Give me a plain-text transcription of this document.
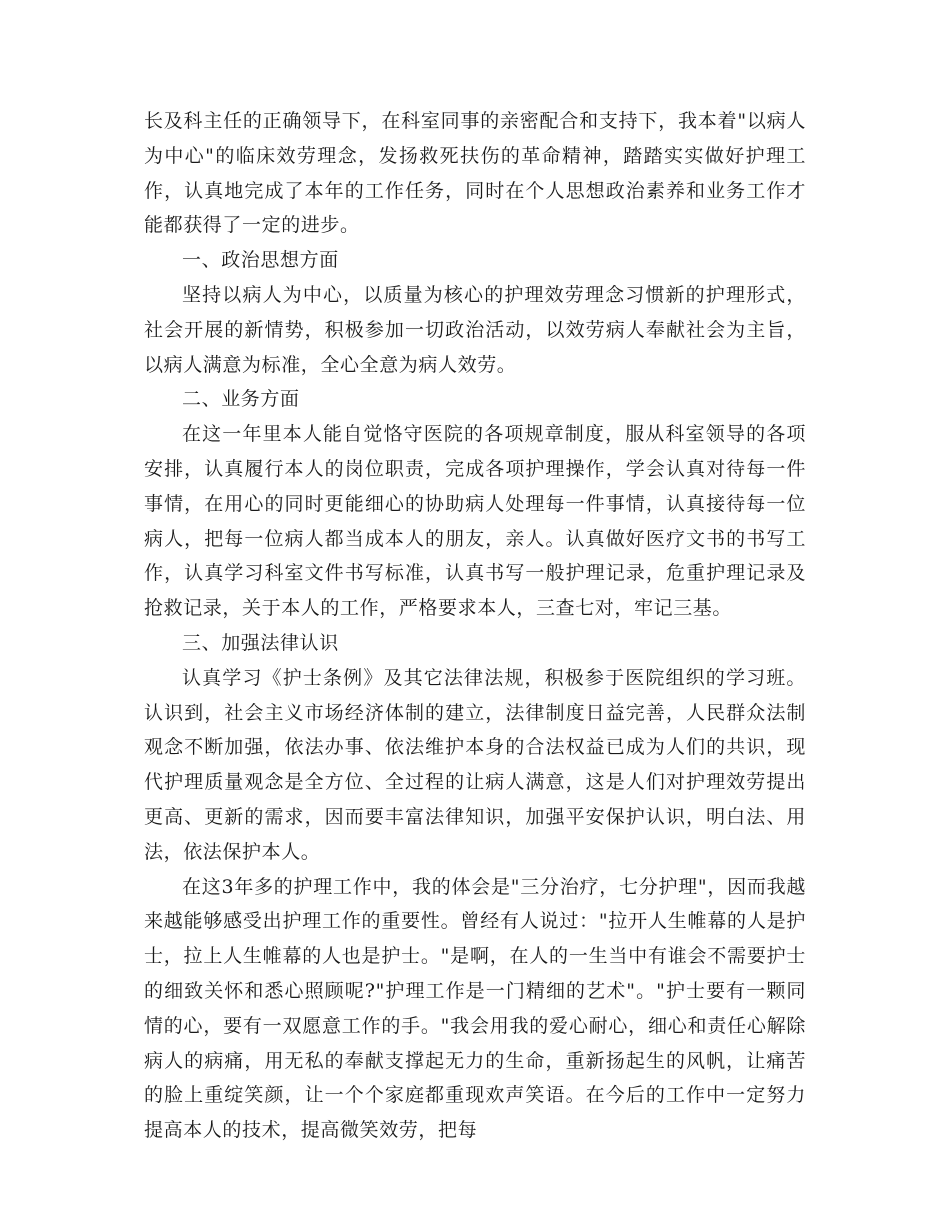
长及科主任的正确领导下，在科室同事的亲密配合和支持下，我本着"以病人为中心"的临床效劳理念，发扬救死扶伤的革命精神，踏踏实实做好护理工作，认真地完成了本年的工作任务，同时在个人思想政治素养和业务工作才能都获得了一定的进步。

一、政治思想方面

坚持以病人为中心，以质量为核心的护理效劳理念习惯新的护理形式，社会开展的新情势，积极参加一切政治活动，以效劳病人奉献社会为主旨，以病人满意为标准，全心全意为病人效劳。

二、业务方面

在这一年里本人能自觉恪守医院的各项规章制度，服从科室领导的各项安排，认真履行本人的岗位职责，完成各项护理操作，学会认真对待每一件事情，在用心的同时更能细心的协助病人处理每一件事情，认真接待每一位病人，把每一位病人都当成本人的朋友，亲人。认真做好医疗文书的书写工作，认真学习科室文件书写标准，认真书写一般护理记录，危重护理记录及抢救记录，关于本人的工作，严格要求本人，三查七对，牢记三基。

三、加强法律认识

认真学习《护士条例》及其它法律法规，积极参于医院组织的学习班。认识到，社会主义市场经济体制的建立，法律制度日益完善，人民群众法制观念不断加强，依法办事、依法维护本身的合法权益已成为人们的共识，现代护理质量观念是全方位、全过程的让病人满意，这是人们对护理效劳提出更高、更新的需求，因而要丰富法律知识，加强平安保护认识，明白法、用法，依法保护本人。

在这3年多的护理工作中，我的体会是"三分治疗，七分护理"，因而我越来越能够感受出护理工作的重要性。曾经有人说过："拉开人生帷幕的人是护士，拉上人生帷幕的人也是护士。"是啊，在人的一生当中有谁会不需要护士的细致关怀和悉心照顾呢?"护理工作是一门精细的艺术"。"护士要有一颗同情的心，要有一双愿意工作的手。"我会用我的爱心耐心，细心和责任心解除病人的病痛，用无私的奉献支撑起无力的生命，重新扬起生的风帆，让痛苦的脸上重绽笑颜，让一个个家庭都重现欢声笑语。在今后的工作中一定努力提高本人的技术，提高微笑效劳，把每
